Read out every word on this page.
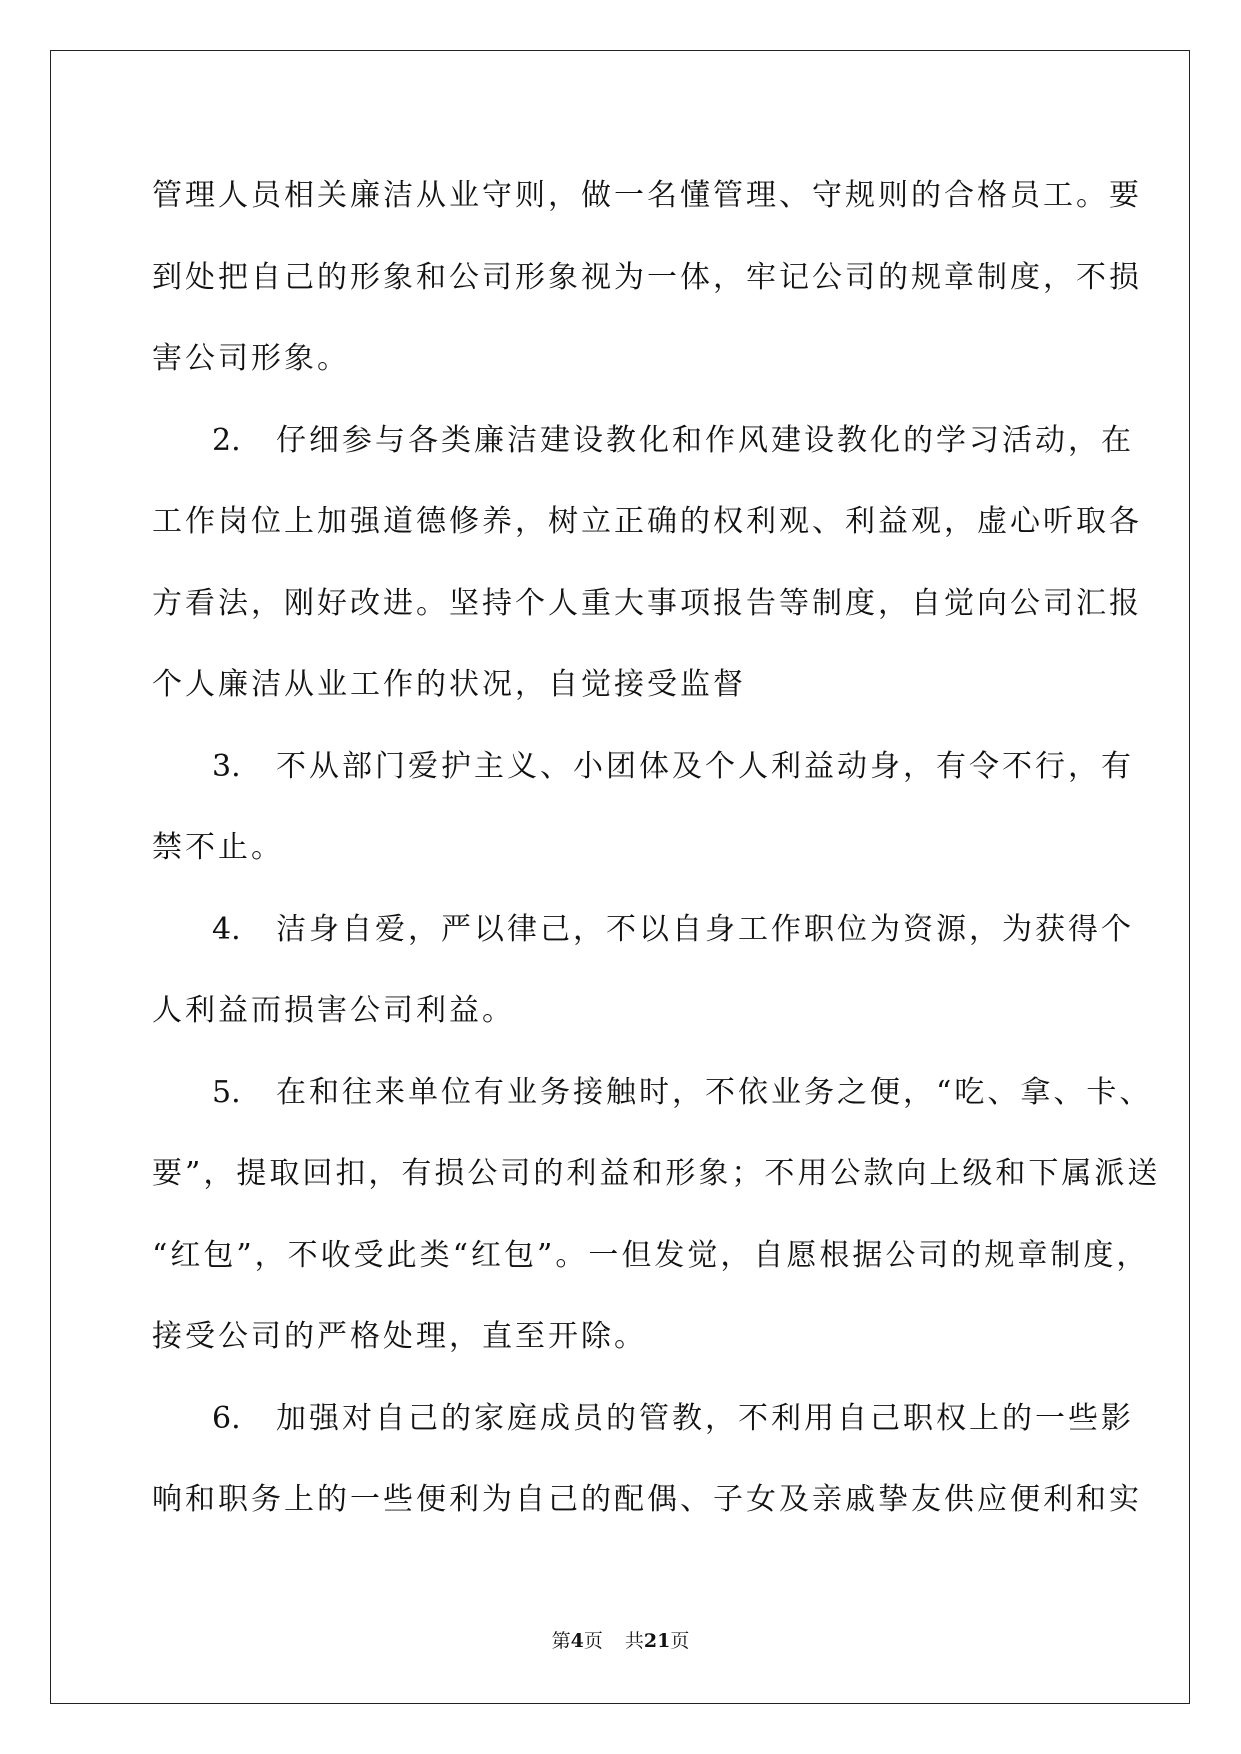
管理人员相关廉洁从业守则，做一名懂管理、守规则的合格员工。要
到处把自己的形象和公司形象视为一体，牢记公司的规章制度，不损
害公司形象。
2. 仔细参与各类廉洁建设教化和作风建设教化的学习活动，在
工作岗位上加强道德修养，树立正确的权利观、利益观，虚心听取各
方看法，刚好改进。坚持个人重大事项报告等制度，自觉向公司汇报
个人廉洁从业工作的状况，自觉接受监督
3. 不从部门爱护主义、小团体及个人利益动身，有令不行，有
禁不止。
4. 洁身自爱，严以律己，不以自身工作职位为资源，为获得个
人利益而损害公司利益。
5. 在和往来单位有业务接触时，不依业务之便，“吃、拿、卡、
要”，提取回扣，有损公司的利益和形象；不用公款向上级和下属派送
“红包”，不收受此类“红包”。一但发觉，自愿根据公司的规章制度，
接受公司的严格处理，直至开除。
6. 加强对自己的家庭成员的管教，不利用自己职权上的一些影
响和职务上的一些便利为自己的配偶、子女及亲戚挚友供应便利和实
第4页 共21页
